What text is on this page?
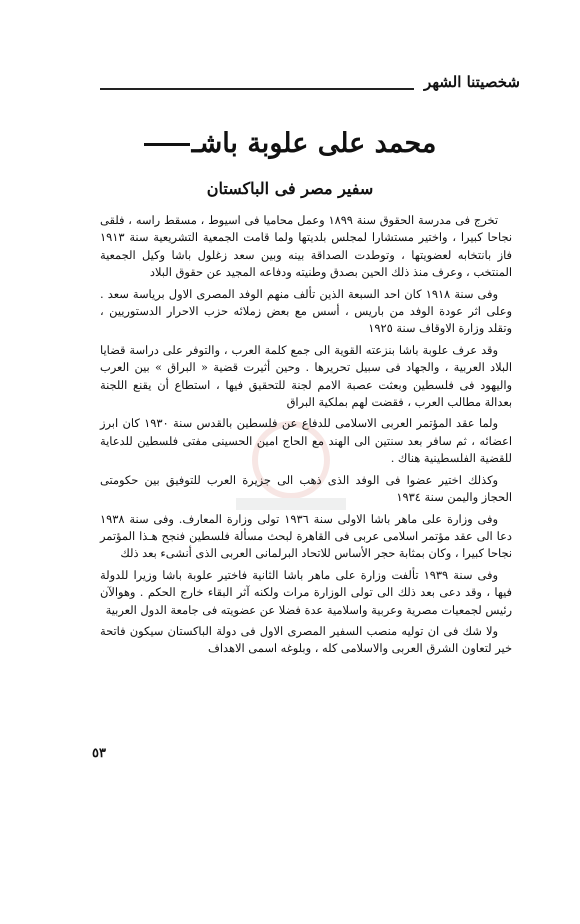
شخصيتنا الشهر
محمد على علوبة باشـ
سفير مصر فى الباكستان

تخرج فى مدرسة الحقوق سنة ١٨٩٩ وعمل محاميا فى اسيوط ، مسقط راسه ، فلقى نجاحا كبيرا ، واختير مستشارا لمجلس بلديتها ولما قامت الجمعية التشريعية سنة ١٩١٣ فاز بانتخابه لعضويتها ، وتوطدت الصداقة بينه وبين سعد زغلول باشا وكيل الجمعية المنتخب ، وعرف منذ ذلك الحين بصدق وطنيته ودفاعه المجيد عن حقوق البلاد

وفى سنة ١٩١٨ كان احد السبعة الذين تألف منهم الوفد المصرى الاول برياسة سعد . وعلى اثر عودة الوفد من باريس ، أسس مع بعض زملائه حزب الاحرار الدستوريين ، وتقلد وزارة الاوقاف سنة ١٩٢٥

وقد عرف علوبة باشا بنزعته القوية الى جمع كلمة العرب ، والتوفر على دراسة قضايا البلاد العربية ، والجهاد فى سبيل تحريرها . وحين أثيرت قضية « البراق » بين العرب واليهود فى فلسطين وبعثت عصبة الامم لجنة للتحقيق فيها ، استطاع أن يقنع اللجنة بعدالة مطالب العرب ، فقضت لهم بملكية البراق

ولما عقد المؤتمر العربى الاسلامى للدفاع عن فلسطين بالقدس سنة ١٩٣٠ كان ابرز اعضائه ، ثم سافر بعد سنتين الى الهند مع الحاج امين الحسينى مفتى فلسطين للدعاية للقضية الفلسطينية هناك .

وكذلك اختير عضوا فى الوفد الذى ذهب الى جزيرة العرب للتوفيق بين حكومتى الحجاز واليمن سنة ١٩٣٤

وفى وزارة على ماهر باشا الاولى سنة ١٩٣٦ تولى وزارة المعارف. وفى سنة ١٩٣٨ دعا الى عقد مؤتمر اسلامى عربى فى القاهرة لبحث مسألة فلسطين فنجح هـذا المؤتمر نجاحا كبيرا ، وكان بمثابة حجر الأساس للاتحاد البرلمانى العربى الذى أنشىء بعد ذلك

وفى سنة ١٩٣٩ تألفت وزارة على ماهر باشا الثانية فاختير علوبة باشا وزيرا للدولة فيها ، وقد دعى بعد ذلك الى تولى الوزارة مرات ولكنه آثر البقاء خارج الحكم . وهوالآن رئيس لجمعيات مصرية وعربية واسلامية عدة فضلا عن عضويته فى جامعة الدول العربية

ولا شك فى ان توليه منصب السفير المصرى الاول فى دولة الباكستان سيكون فاتحة خير لتعاون الشرق العربى والاسلامى كله ، وبلوغه اسمى الاهداف

٥٣
